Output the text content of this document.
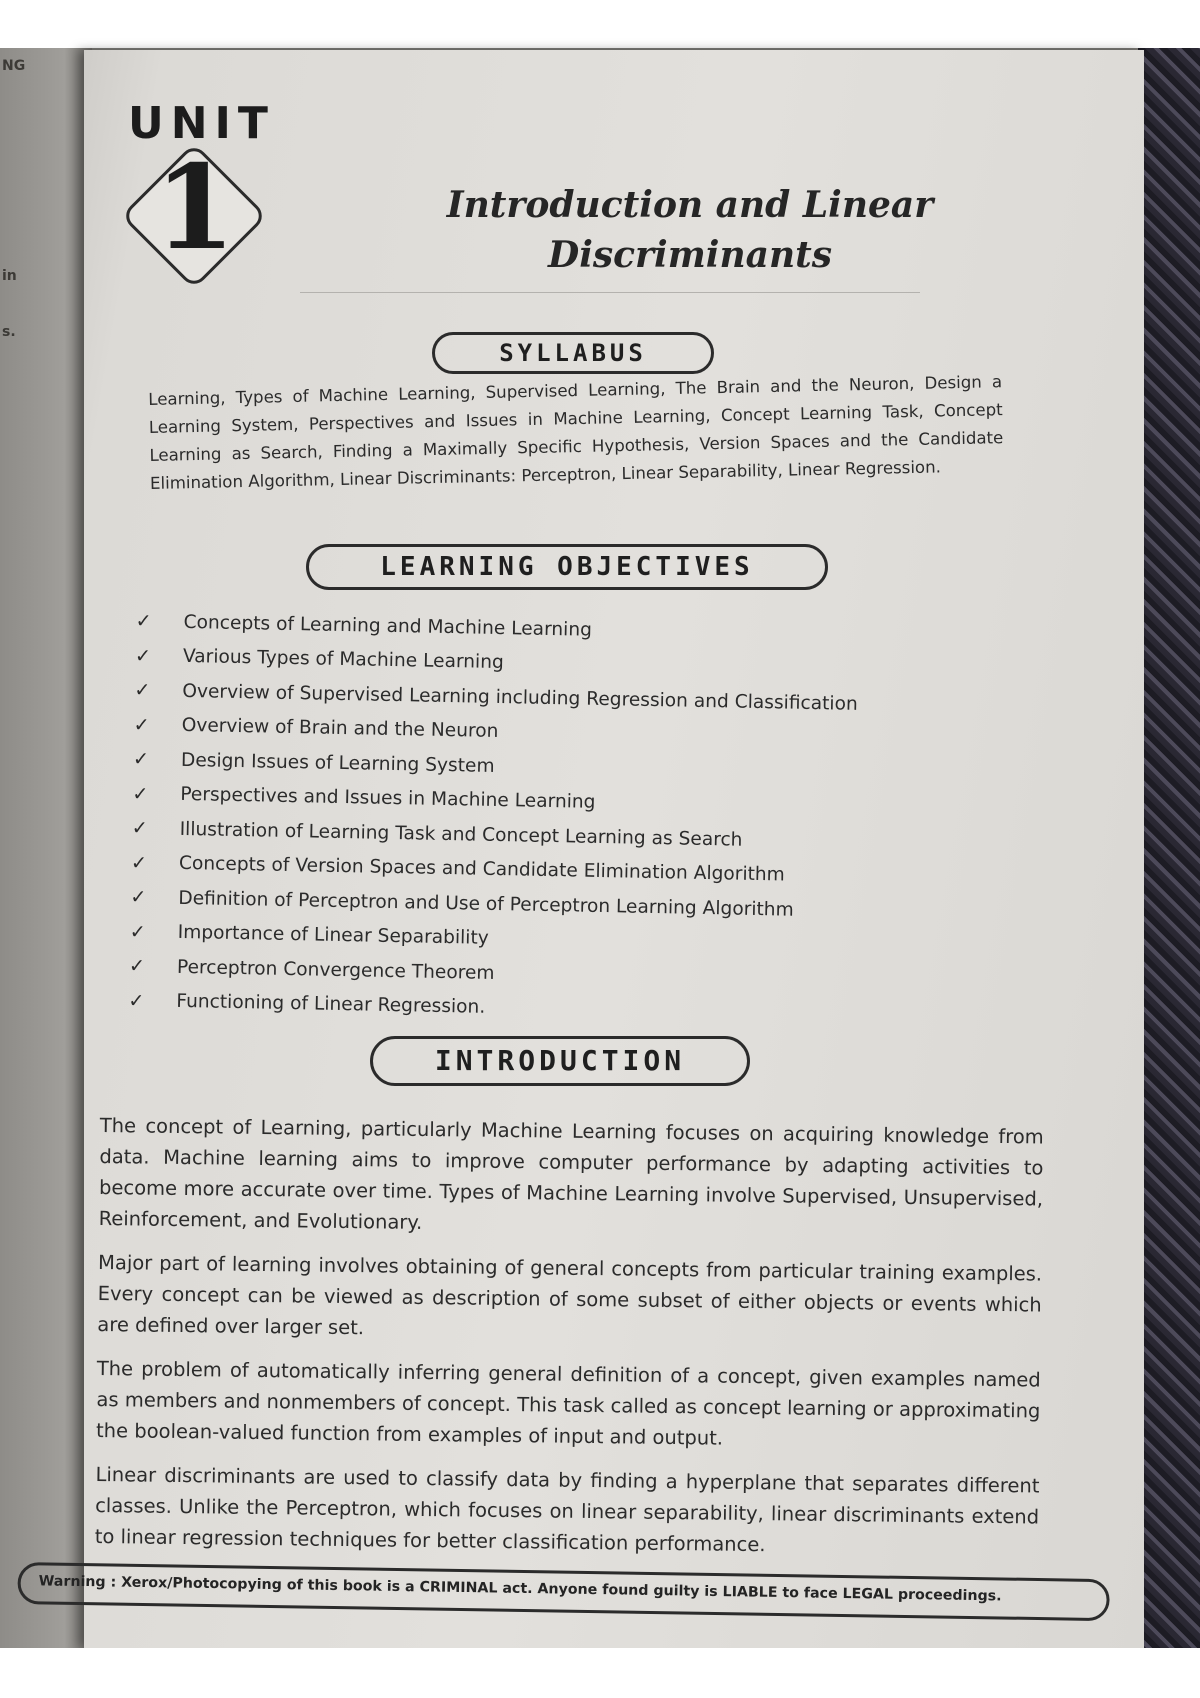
NG
in
s.
UNIT
1	Introduction and Linear
Discriminants
SYLLABUS
Learning, Types of Machine Learning, Supervised Learning, The Brain and the Neuron, Design a Learning System, Perspectives and Issues in Machine Learning, Concept Learning Task, Concept Learning as Search, Finding a Maximally Specific Hypothesis, Version Spaces and the Candidate Elimination Algorithm, Linear Discriminants: Perceptron, Linear Separability, Linear Regression.
LEARNING OBJECTIVES
✓	Concepts of Learning and Machine Learning
✓	Various Types of Machine Learning
✓	Overview of Supervised Learning including Regression and Classification
✓	Overview of Brain and the Neuron
✓	Design Issues of Learning System
✓	Perspectives and Issues in Machine Learning
✓	Illustration of Learning Task and Concept Learning as Search
✓	Concepts of Version Spaces and Candidate Elimination Algorithm
✓	Definition of Perceptron and Use of Perceptron Learning Algorithm
✓	Importance of Linear Separability
✓	Perceptron Convergence Theorem
✓	Functioning of Linear Regression.
INTRODUCTION

The concept of Learning, particularly Machine Learning focuses on acquiring knowledge from data. Machine learning aims to improve computer performance by adapting activities to become more accurate over time. Types of Machine Learning involve Supervised, Unsupervised, Reinforcement, and Evolutionary.

Major part of learning involves obtaining of general concepts from particular training examples. Every concept can be viewed as description of some subset of either objects or events which are defined over larger set.

The problem of automatically inferring general definition of a concept, given examples named as members and nonmembers of concept. This task called as concept learning or approximating the boolean-valued function from examples of input and output.

Linear discriminants are used to classify data by finding a hyperplane that separates different classes. Unlike the Perceptron, which focuses on linear separability, linear discriminants extend to linear regression techniques for better classification performance.

Warning : Xerox/Photocopying of this book is a CRIMINAL act. Anyone found guilty is LIABLE to face LEGAL proceedings.
